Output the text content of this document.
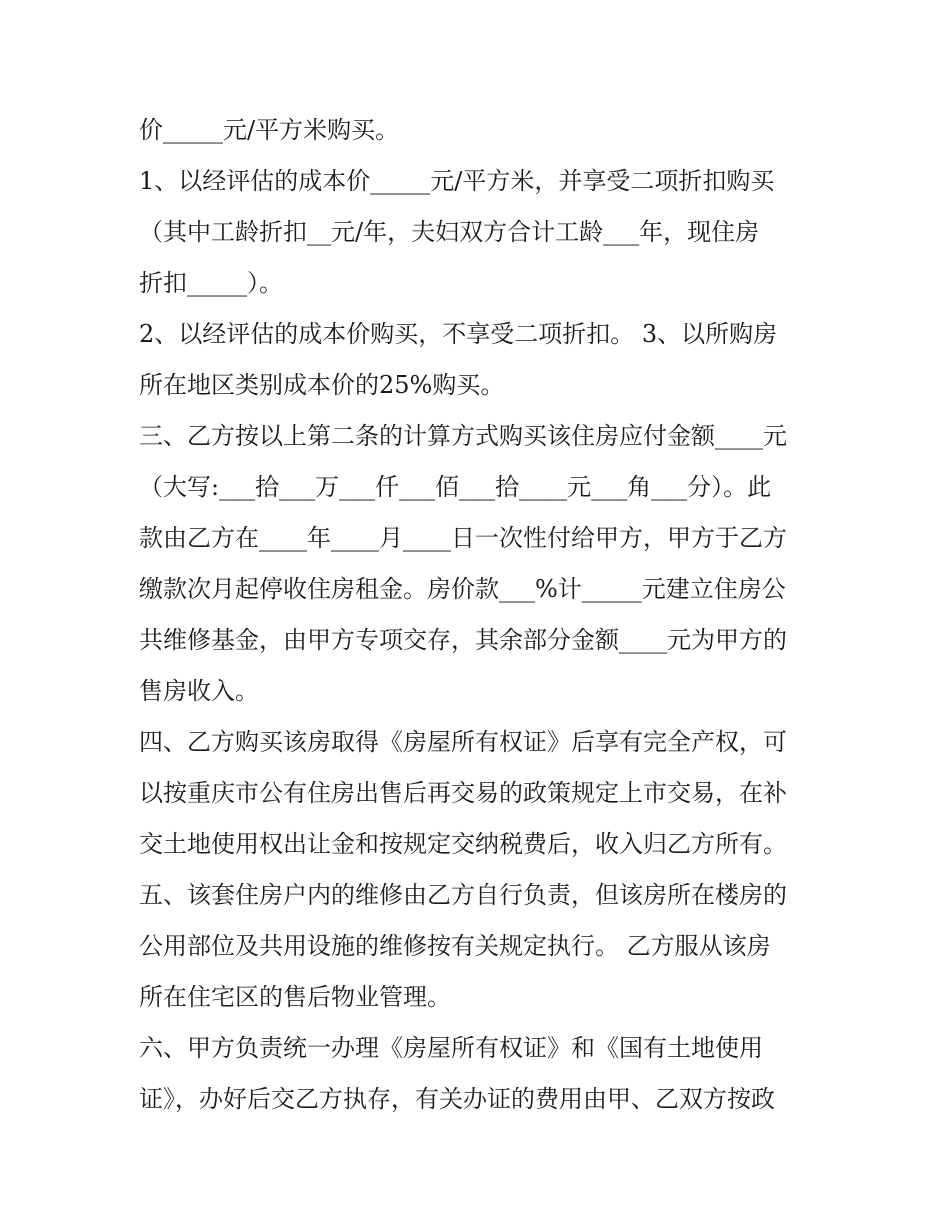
价_____元/平方米购买。
1、以经评估的成本价_____元/平方米，并享受二项折扣购买
（其中工龄折扣__元/年，夫妇双方合计工龄___年，现住房
折扣_____）。
2、以经评估的成本价购买，不享受二项折扣。 3、以所购房
所在地区类别成本价的25%购买。
三、乙方按以上第二条的计算方式购买该住房应付金额____元
（大写:___拾___万___仟___佰___拾____元___角___分）。此
款由乙方在____年____月____日一次性付给甲方，甲方于乙方
缴款次月起停收住房租金。房价款___%计_____元建立住房公
共维修基金，由甲方专项交存，其余部分金额____元为甲方的
售房收入。
四、乙方购买该房取得《房屋所有权证》后享有完全产权，可
以按重庆市公有住房出售后再交易的政策规定上市交易，在补
交土地使用权出让金和按规定交纳税费后，收入归乙方所有。
五、该套住房户内的维修由乙方自行负责，但该房所在楼房的
公用部位及共用设施的维修按有关规定执行。 乙方服从该房
所在住宅区的售后物业管理。
六、甲方负责统一办理《房屋所有权证》和《国有土地使用
证》，办好后交乙方执存，有关办证的费用由甲、乙双方按政
